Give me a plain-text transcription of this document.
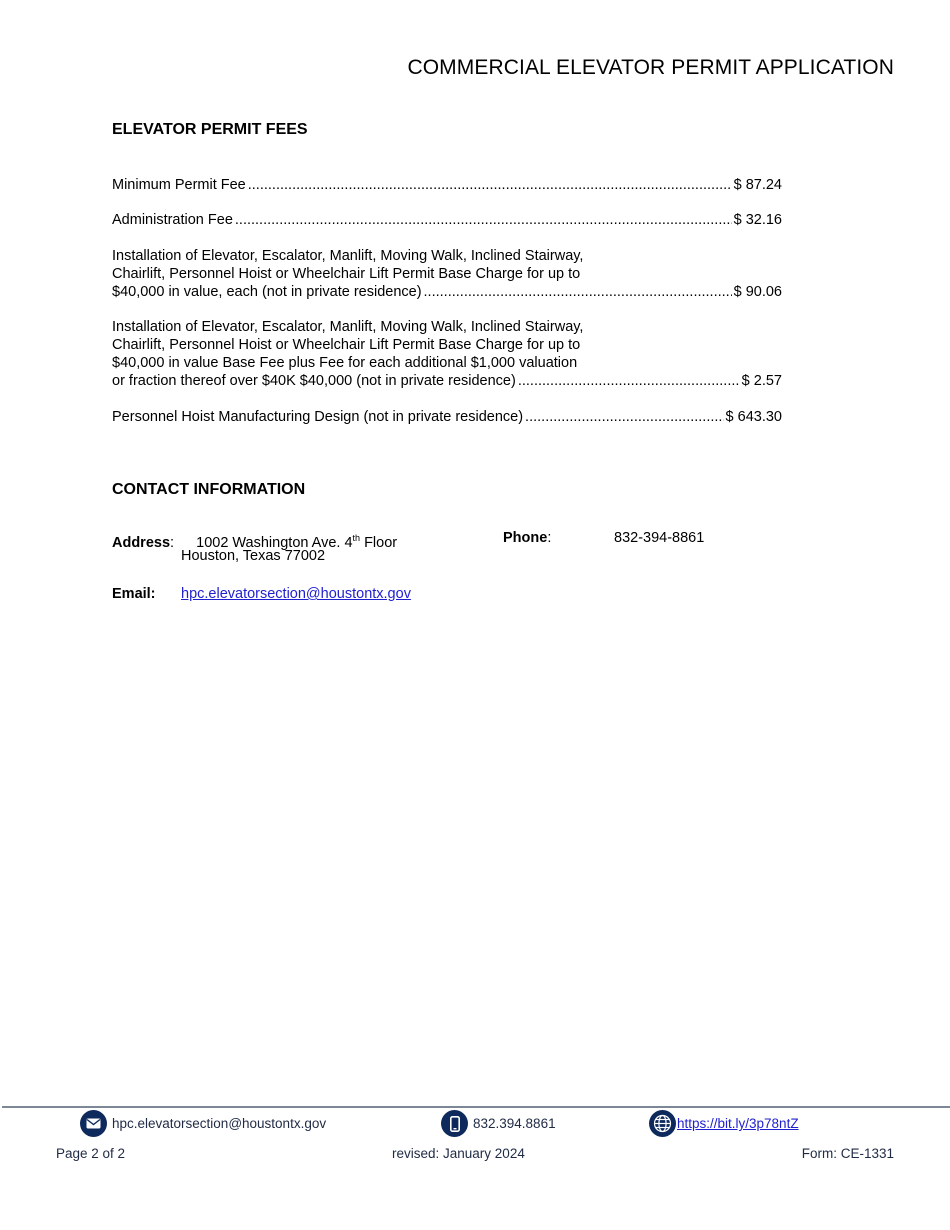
COMMERCIAL ELEVATOR PERMIT APPLICATION
ELEVATOR PERMIT FEES
Minimum Permit Fee .....	$ 87.24
Administration Fee .....	$ 32.16
Installation of Elevator, Escalator, Manlift, Moving Walk, Inclined Stairway,
Chairlift, Personnel Hoist or Wheelchair Lift Permit Base Charge for up to
$40,000 in value, each (not in private residence) .....	$ 90.06
Installation of Elevator, Escalator, Manlift, Moving Walk, Inclined Stairway,
Chairlift, Personnel Hoist or Wheelchair Lift Permit Base Charge for up to
$40,000 in value Base Fee plus Fee for each additional $1,000 valuation
or fraction thereof over $40K $40,000 (not in private residence) .....	$ 2.57
Personnel Hoist Manufacturing Design (not in private residence) .....	$ 643.30
CONTACT INFORMATION
Address: 1002 Washington Ave. 4th Floor
Houston, Texas 77002
Phone:	832-394-8861
Email: hpc.elevatorsection@houstontx.gov
hpc.elevatorsection@houstontx.gov	832.394.8861	https://bit.ly/3p78ntZ
Page 2 of 2	revised: January 2024	Form: CE-1331
